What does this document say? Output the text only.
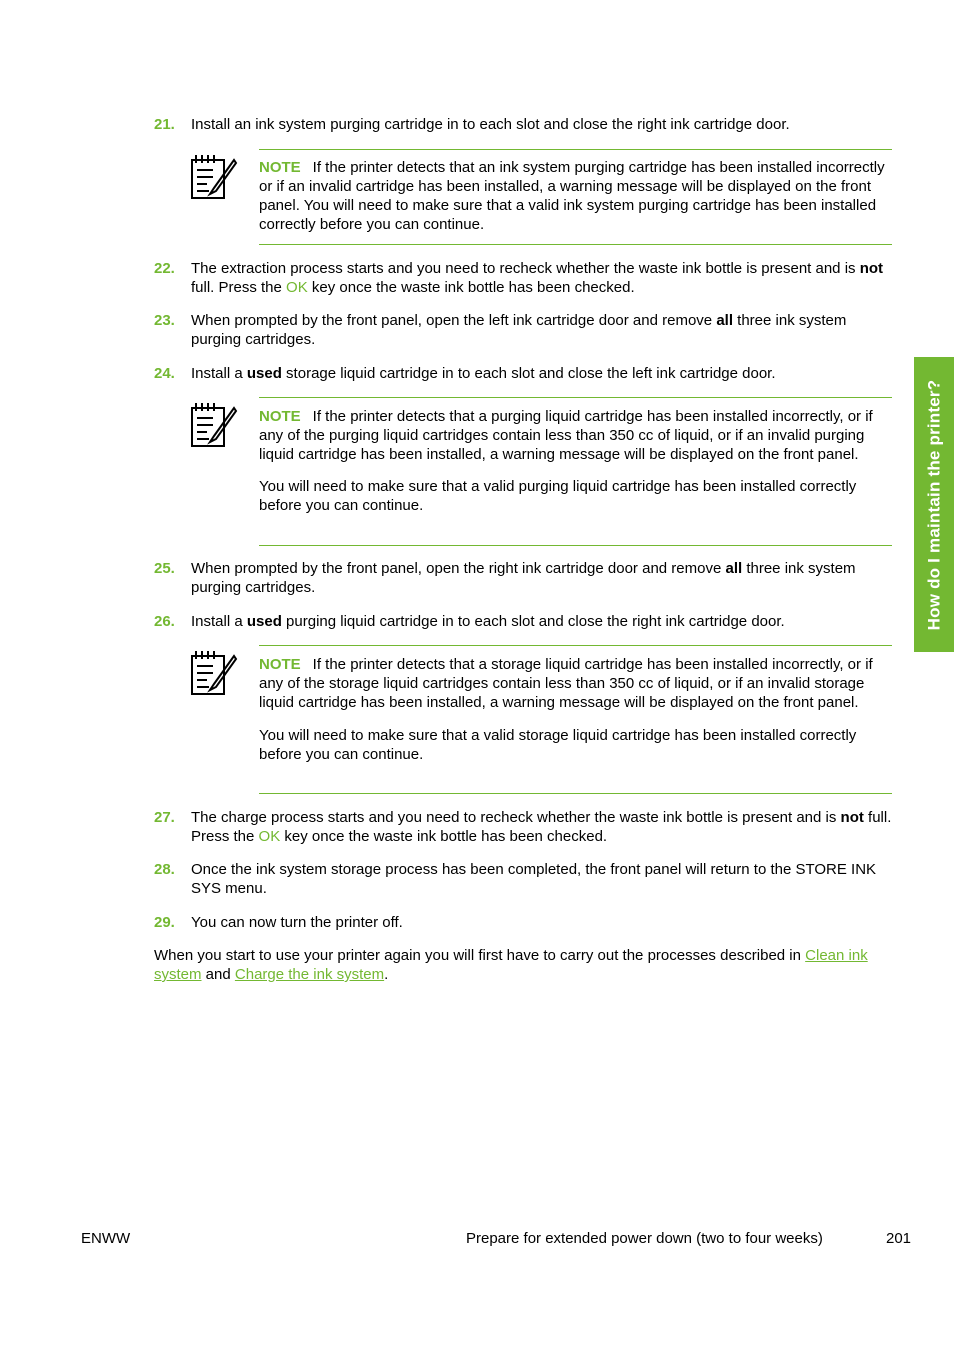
How do I maintain the printer?
21. Install an ink system purging cartridge in to each slot and close the right ink cartridge door.

NOTE If the printer detects that an ink system purging cartridge has been installed incorrectly or if an invalid cartridge has been installed, a warning message will be displayed on the front panel. You will need to make sure that a valid ink system purging cartridge has been installed correctly before you can continue.

22. The extraction process starts and you need to recheck whether the waste ink bottle is present and is not full. Press the OK key once the waste ink bottle has been checked.
23. When prompted by the front panel, open the left ink cartridge door and remove all three ink system purging cartridges.
24. Install a used storage liquid cartridge in to each slot and close the left ink cartridge door.

NOTE If the printer detects that a purging liquid cartridge has been installed incorrectly, or if any of the purging liquid cartridges contain less than 350 cc of liquid, or if an invalid purging liquid cartridge has been installed, a warning message will be displayed on the front panel.

You will need to make sure that a valid purging liquid cartridge has been installed correctly before you can continue.

25. When prompted by the front panel, open the right ink cartridge door and remove all three ink system purging cartridges.
26. Install a used purging liquid cartridge in to each slot and close the right ink cartridge door.

NOTE If the printer detects that a storage liquid cartridge has been installed incorrectly, or if any of the storage liquid cartridges contain less than 350 cc of liquid, or if an invalid storage liquid cartridge has been installed, a warning message will be displayed on the front panel.

You will need to make sure that a valid storage liquid cartridge has been installed correctly before you can continue.

27. The charge process starts and you need to recheck whether the waste ink bottle is present and is not full. Press the OK key once the waste ink bottle has been checked.
28. Once the ink system storage process has been completed, the front panel will return to the STORE INK SYS menu.
29. You can now turn the printer off.
When you start to use your printer again you will first have to carry out the processes described in Clean ink system and Charge the ink system.
ENWW	Prepare for extended power down (two to four weeks)	201
